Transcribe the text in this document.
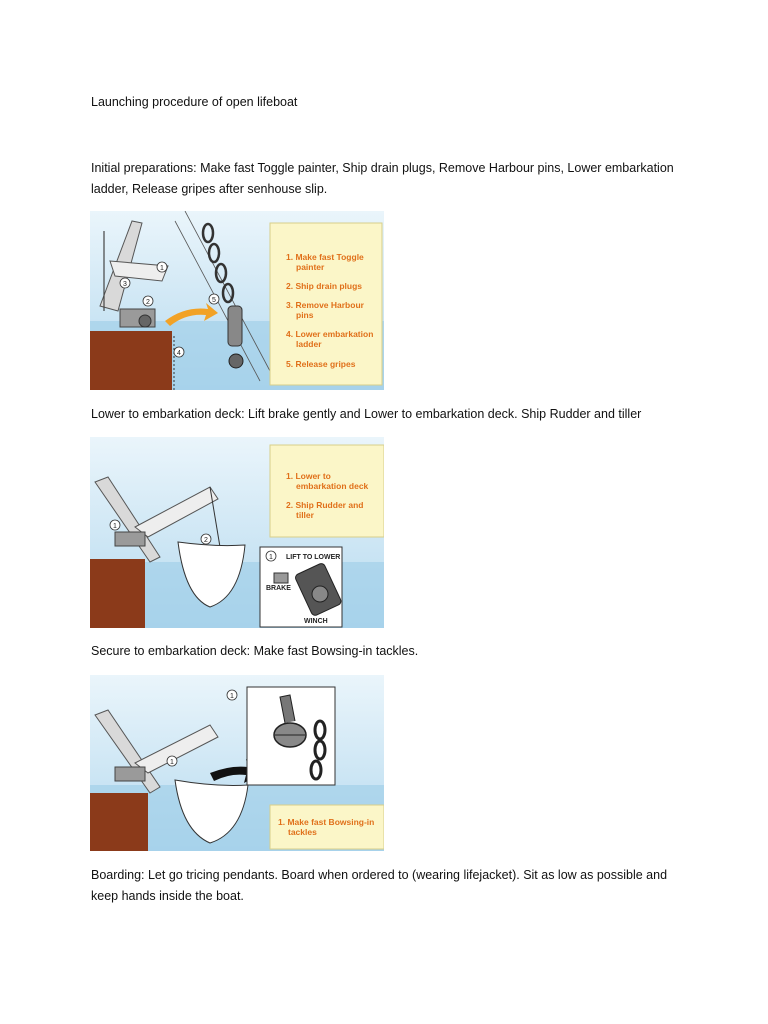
Launching procedure of open lifeboat

Initial preparations: Make fast Toggle painter, Ship drain plugs, Remove Harbour pins, Lower embarkation ladder, Release gripes after senhouse slip.

1
2
3
4
5
1. Make fast Toggle
painter
2. Ship drain plugs
3. Remove Harbour
pins
4. Lower embarkation
ladder
5. Release gripes

Lower to embarkation deck: Lift brake gently and Lower to embarkation deck. Ship Rudder and tiller

1
2
1 LIFT TO LOWER
BRAKE
WINCH
1. Lower to
embarkation deck
2. Ship Rudder and
tiller

Secure to embarkation deck: Make fast Bowsing-in tackles.

1
1
1. Make fast Bowsing-in
tackles

Boarding: Let go tricing pendants. Board when ordered to (wearing lifejacket). Sit as low as possible and keep hands inside the boat.
